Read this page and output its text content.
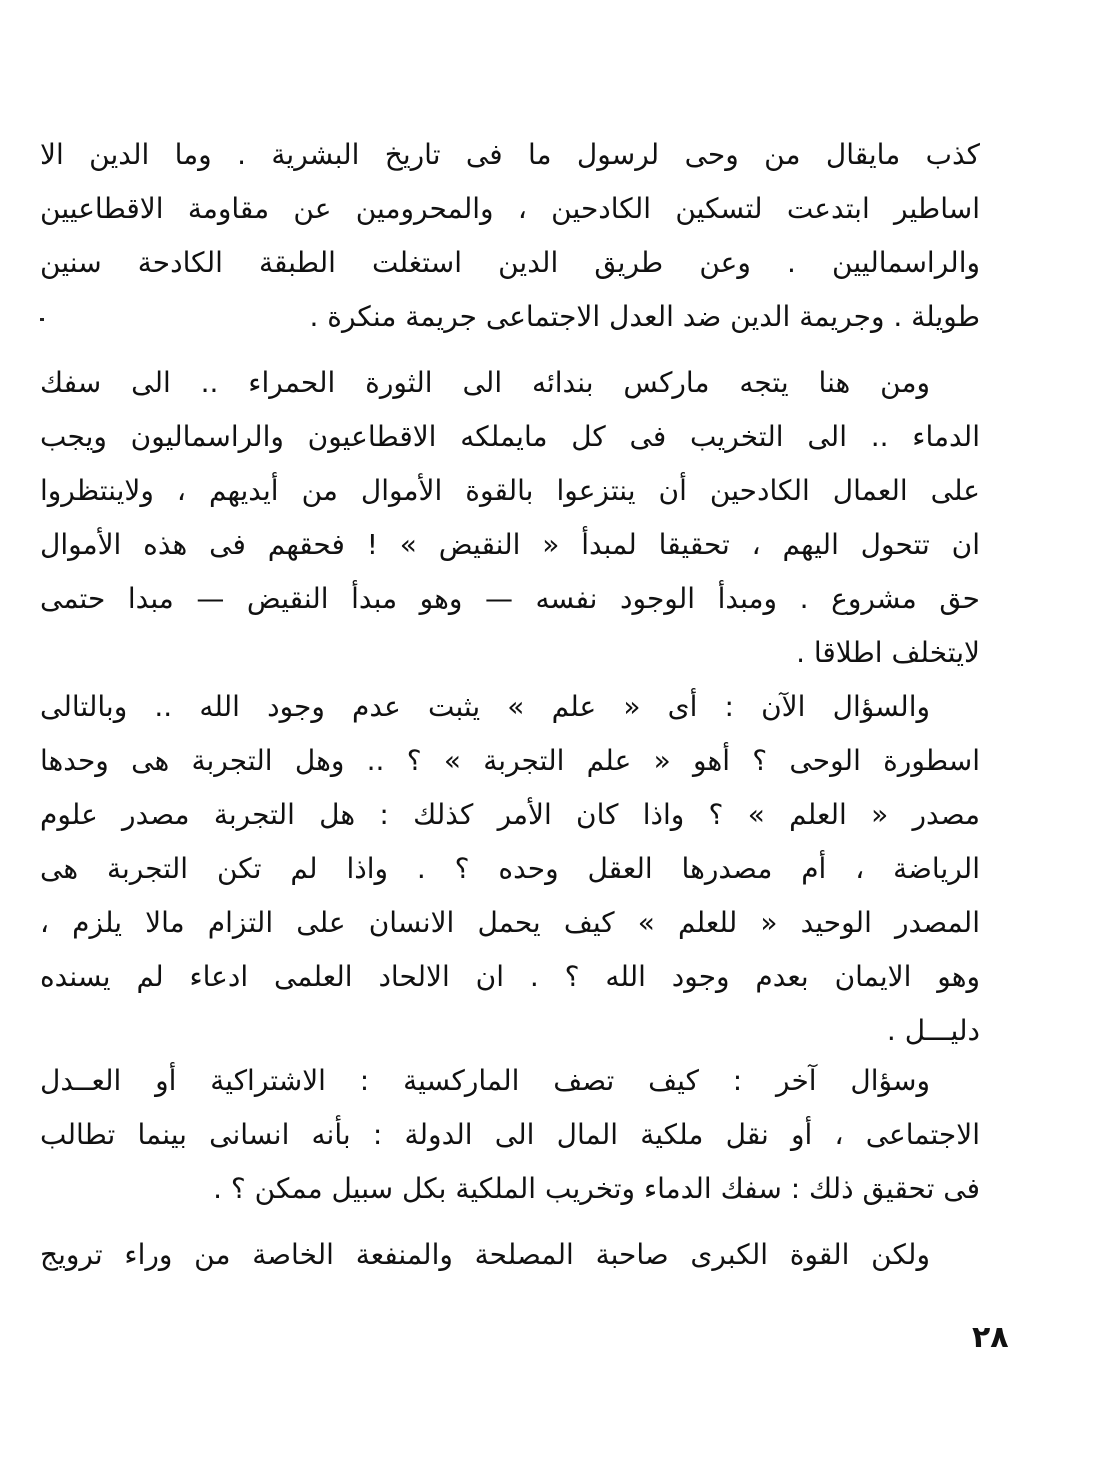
كذب مايقال من وحى لرسول ما فى تاريخ البشرية . وما الدين الا
اساطير ابتدعت لتسكين الكادحين ، والمحرومين عن مقاومة الاقطاعيين
والراسماليين . وعن طريق الدين استغلت الطبقة الكادحة سنين
طويلة . وجريمة الدين ضد العدل الاجتماعى جريمة منكرة .
ومن هنا يتجه ماركس بندائه الى الثورة الحمراء .. الى سفك
الدماء .. الى التخريب فى كل مايملكه الاقطاعيون والراسماليون ويجب
على العمال الكادحين أن ينتزعوا بالقوة الأموال من أيديهم ، ولاينتظروا
ان تتحول اليهم ، تحقيقا لمبدأ « النقيض » ! فحقهم فى هذه الأموال
حق مشروع . ومبدأ الوجود نفسه — وهو مبدأ النقيض — مبدا حتمى
لايتخلف اطلاقا .
والسؤال الآن : أى « علم » يثبت عدم وجود الله .. وبالتالى
اسطورة الوحى ؟ أهو « علم التجربة » ؟ .. وهل التجربة هى وحدها
مصدر « العلم » ؟ واذا كان الأمر كذلك : هل التجربة مصدر علوم
الرياضة ، أم مصدرها العقل وحده ؟ . واذا لم تكن التجربة هى
المصدر الوحيد « للعلم » كيف يحمل الانسان على التزام مالا يلزم ،
وهو الايمان بعدم وجود الله ؟ . ان الالحاد العلمى ادعاء لم يسنده
دليـــل .
وسؤال آخر : كيف تصف الماركسية : الاشتراكية أو العــدل
الاجتماعى ، أو نقل ملكية المال الى الدولة : بأنه انسانى بينما تطالب
فى تحقيق ذلك : سفك الدماء وتخريب الملكية بكل سبيل ممكن ؟ .
ولكن القوة الكبرى صاحبة المصلحة والمنفعة الخاصة من وراء ترويج
٢٨
